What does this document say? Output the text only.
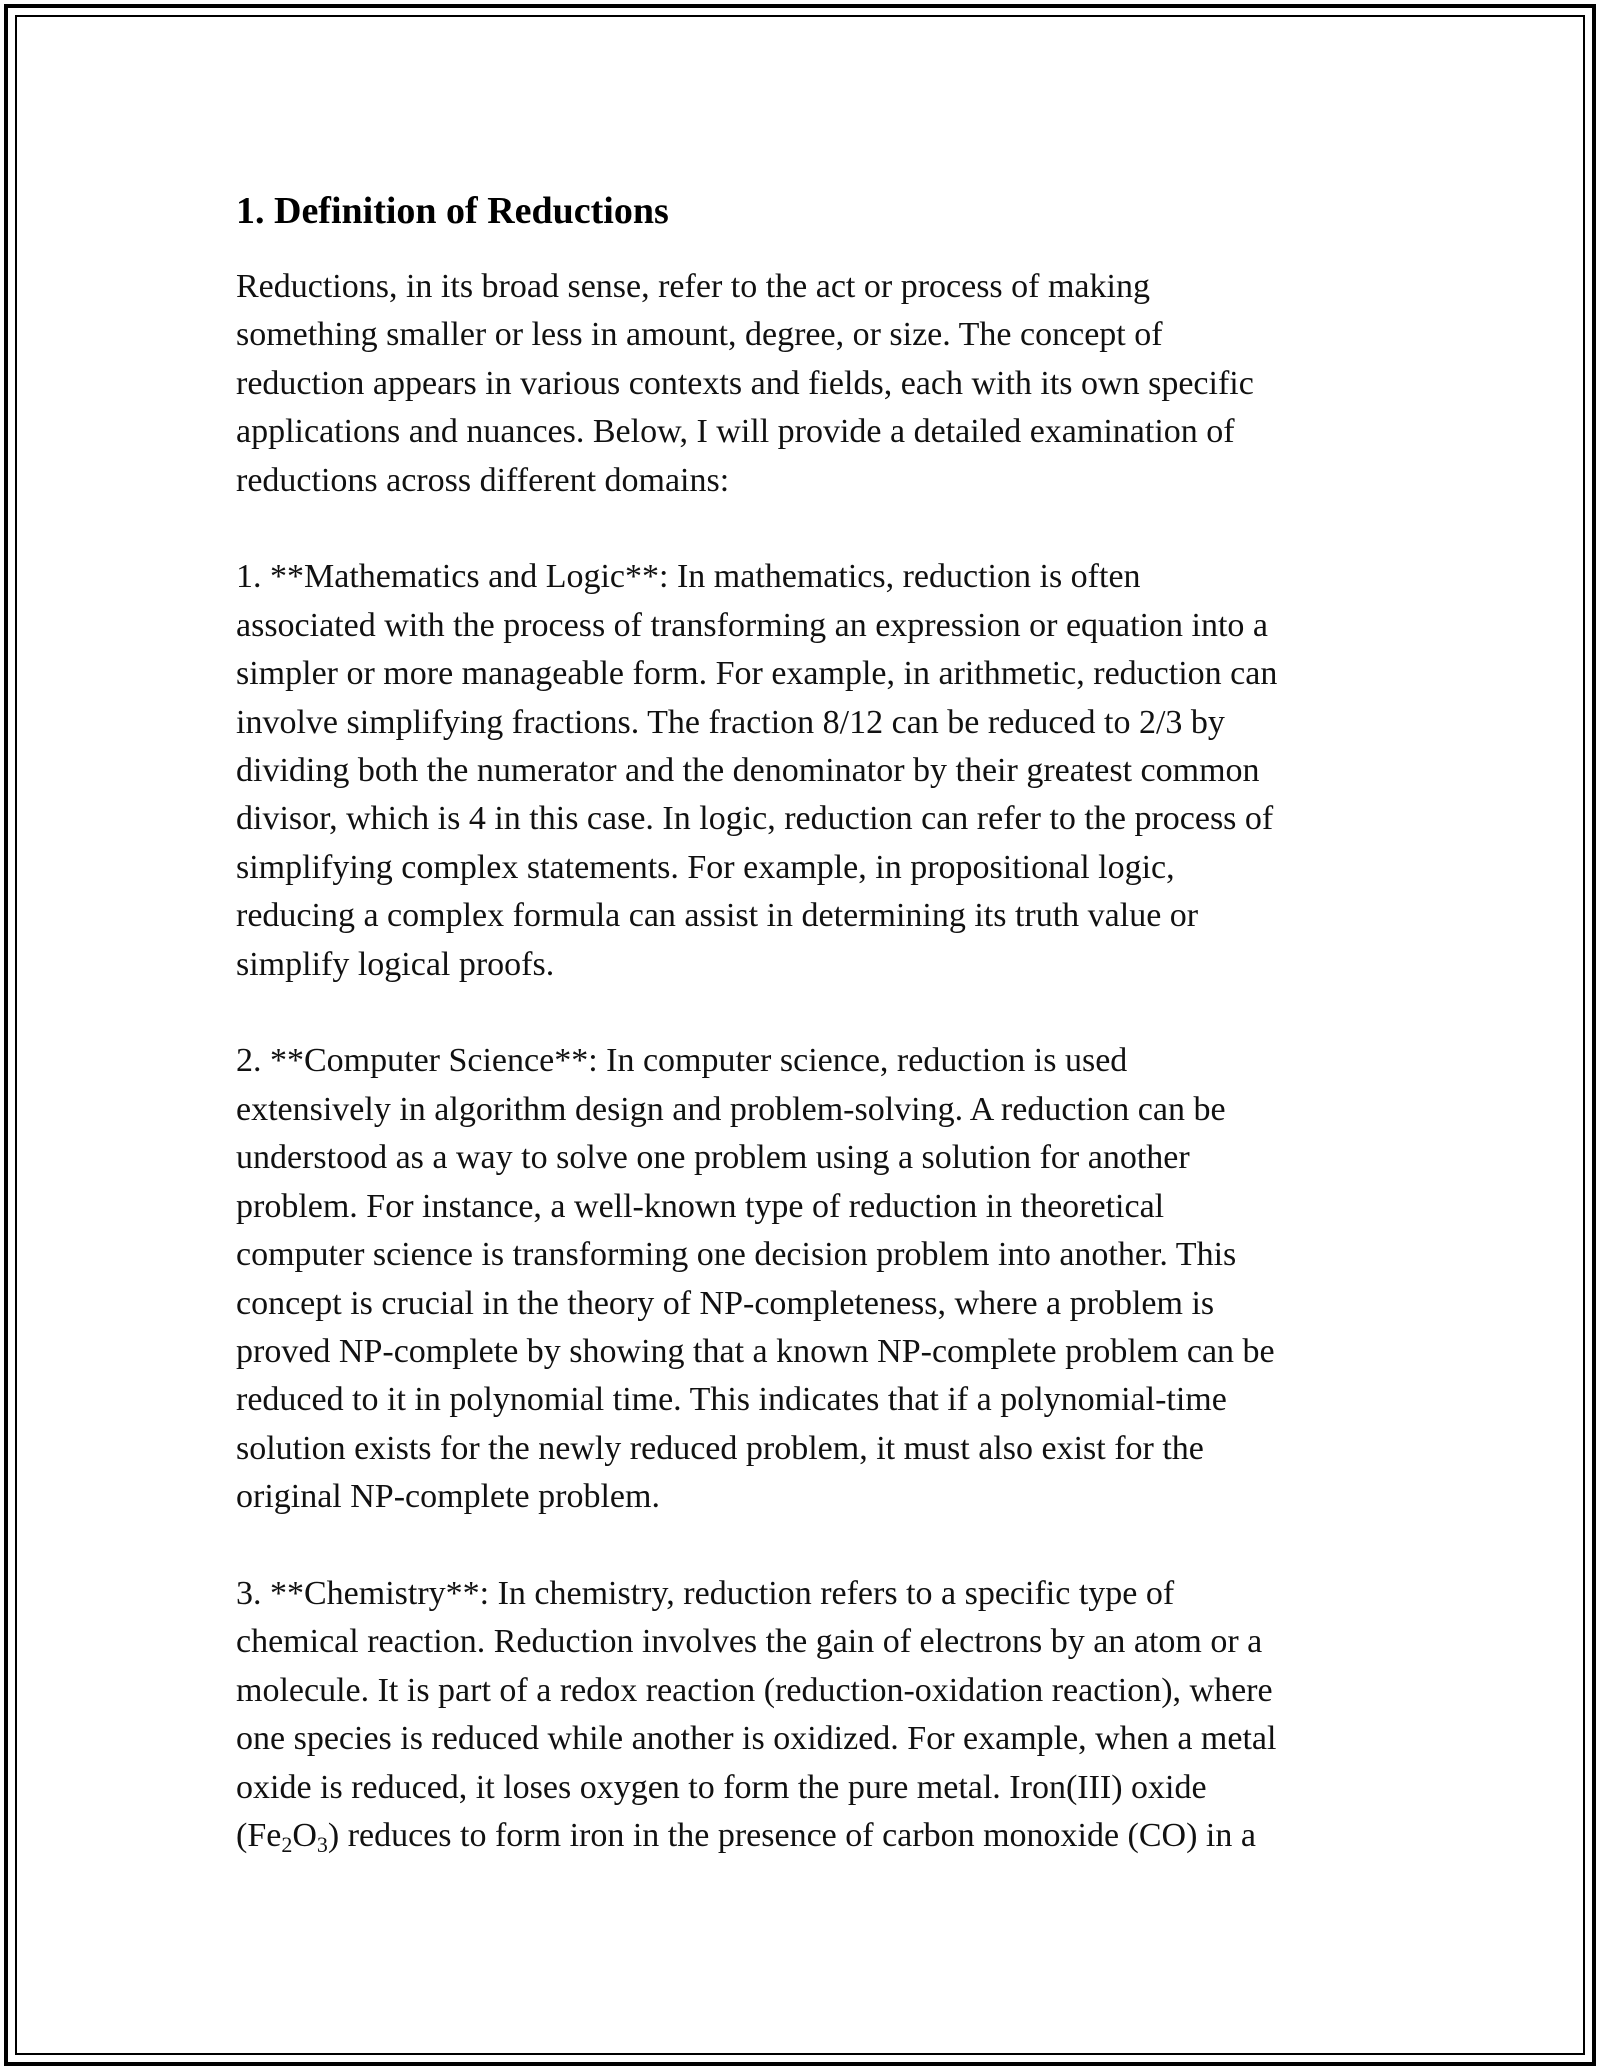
1. Definition of Reductions
Reductions, in its broad sense, refer to the act or process of making
something smaller or less in amount, degree, or size. The concept of
reduction appears in various contexts and fields, each with its own specific
applications and nuances. Below, I will provide a detailed examination of
reductions across different domains:
1. **Mathematics and Logic**: In mathematics, reduction is often
associated with the process of transforming an expression or equation into a
simpler or more manageable form. For example, in arithmetic, reduction can
involve simplifying fractions. The fraction 8/12 can be reduced to 2/3 by
dividing both the numerator and the denominator by their greatest common
divisor, which is 4 in this case. In logic, reduction can refer to the process of
simplifying complex statements. For example, in propositional logic,
reducing a complex formula can assist in determining its truth value or
simplify logical proofs.
2. **Computer Science**: In computer science, reduction is used
extensively in algorithm design and problem-solving. A reduction can be
understood as a way to solve one problem using a solution for another
problem. For instance, a well-known type of reduction in theoretical
computer science is transforming one decision problem into another. This
concept is crucial in the theory of NP-completeness, where a problem is
proved NP-complete by showing that a known NP-complete problem can be
reduced to it in polynomial time. This indicates that if a polynomial-time
solution exists for the newly reduced problem, it must also exist for the
original NP-complete problem.
3. **Chemistry**: In chemistry, reduction refers to a specific type of
chemical reaction. Reduction involves the gain of electrons by an atom or a
molecule. It is part of a redox reaction (reduction-oxidation reaction), where
one species is reduced while another is oxidized. For example, when a metal
oxide is reduced, it loses oxygen to form the pure metal. Iron(III) oxide
$(Fe_2O_3)$ reduces to form iron in the presence of carbon monoxide (CO) in a
